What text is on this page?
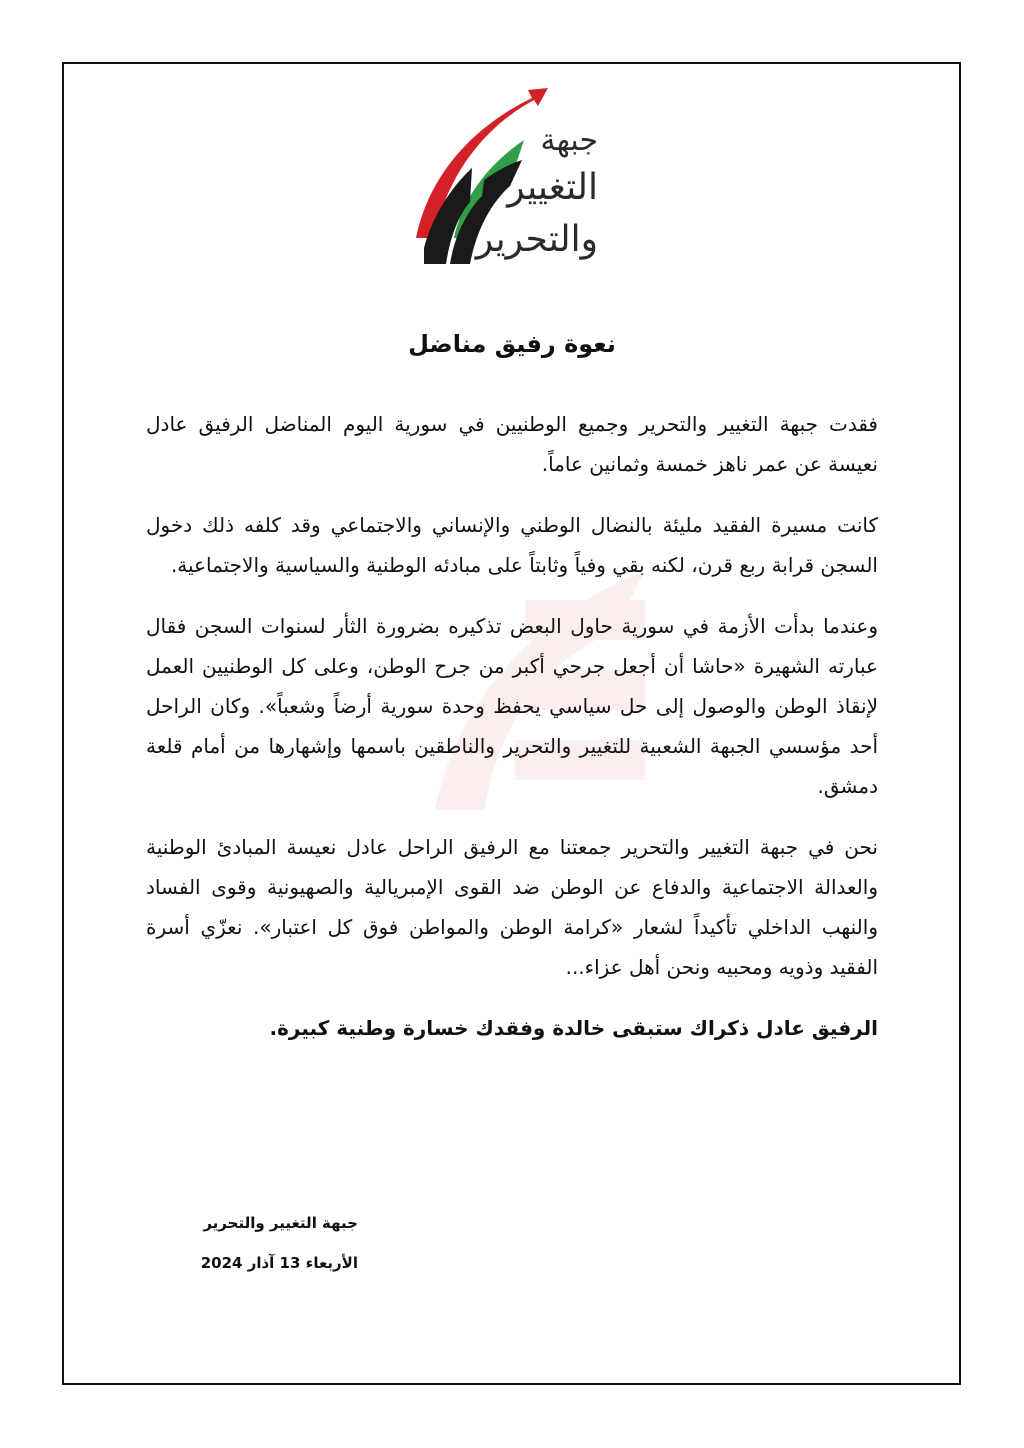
جبهة
التغيير
والتحرير
نعوة رفيق مناضل

فقدت جبهة التغيير والتحرير وجميع الوطنيين في سورية اليوم المناضل الرفيق عادل نعيسة عن عمر ناهز خمسة وثمانين عاماً.

كانت مسيرة الفقيد مليئة بالنضال الوطني والإنساني والاجتماعي وقد كلفه ذلك دخول السجن قرابة ربع قرن، لكنه بقي وفياً وثابتاً على مبادئه الوطنية والسياسية والاجتماعية.

وعندما بدأت الأزمة في سورية حاول البعض تذكيره بضرورة الثأر لسنوات السجن فقال عبارته الشهيرة «حاشا أن أجعل جرحي أكبر من جرح الوطن، وعلى كل الوطنيين العمل لإنقاذ الوطن والوصول إلى حل سياسي يحفظ وحدة سورية أرضاً وشعباً». وكان الراحل أحد مؤسسي الجبهة الشعبية للتغيير والتحرير والناطقين باسمها وإشهارها من أمام قلعة دمشق.

نحن في جبهة التغيير والتحرير جمعتنا مع الرفيق الراحل عادل نعيسة المبادئ الوطنية والعدالة الاجتماعية والدفاع عن الوطن ضد القوى الإمبريالية والصهيونية وقوى الفساد والنهب الداخلي تأكيداً لشعار «كرامة الوطن والمواطن فوق كل اعتبار». نعزّي أسرة الفقيد وذويه ومحبيه ونحن أهل عزاء...

الرفيق عادل ذكراك ستبقى خالدة وفقدك خسارة وطنية كبيرة.

جبهة التغيير والتحرير
الأربعاء 13 آذار 2024
